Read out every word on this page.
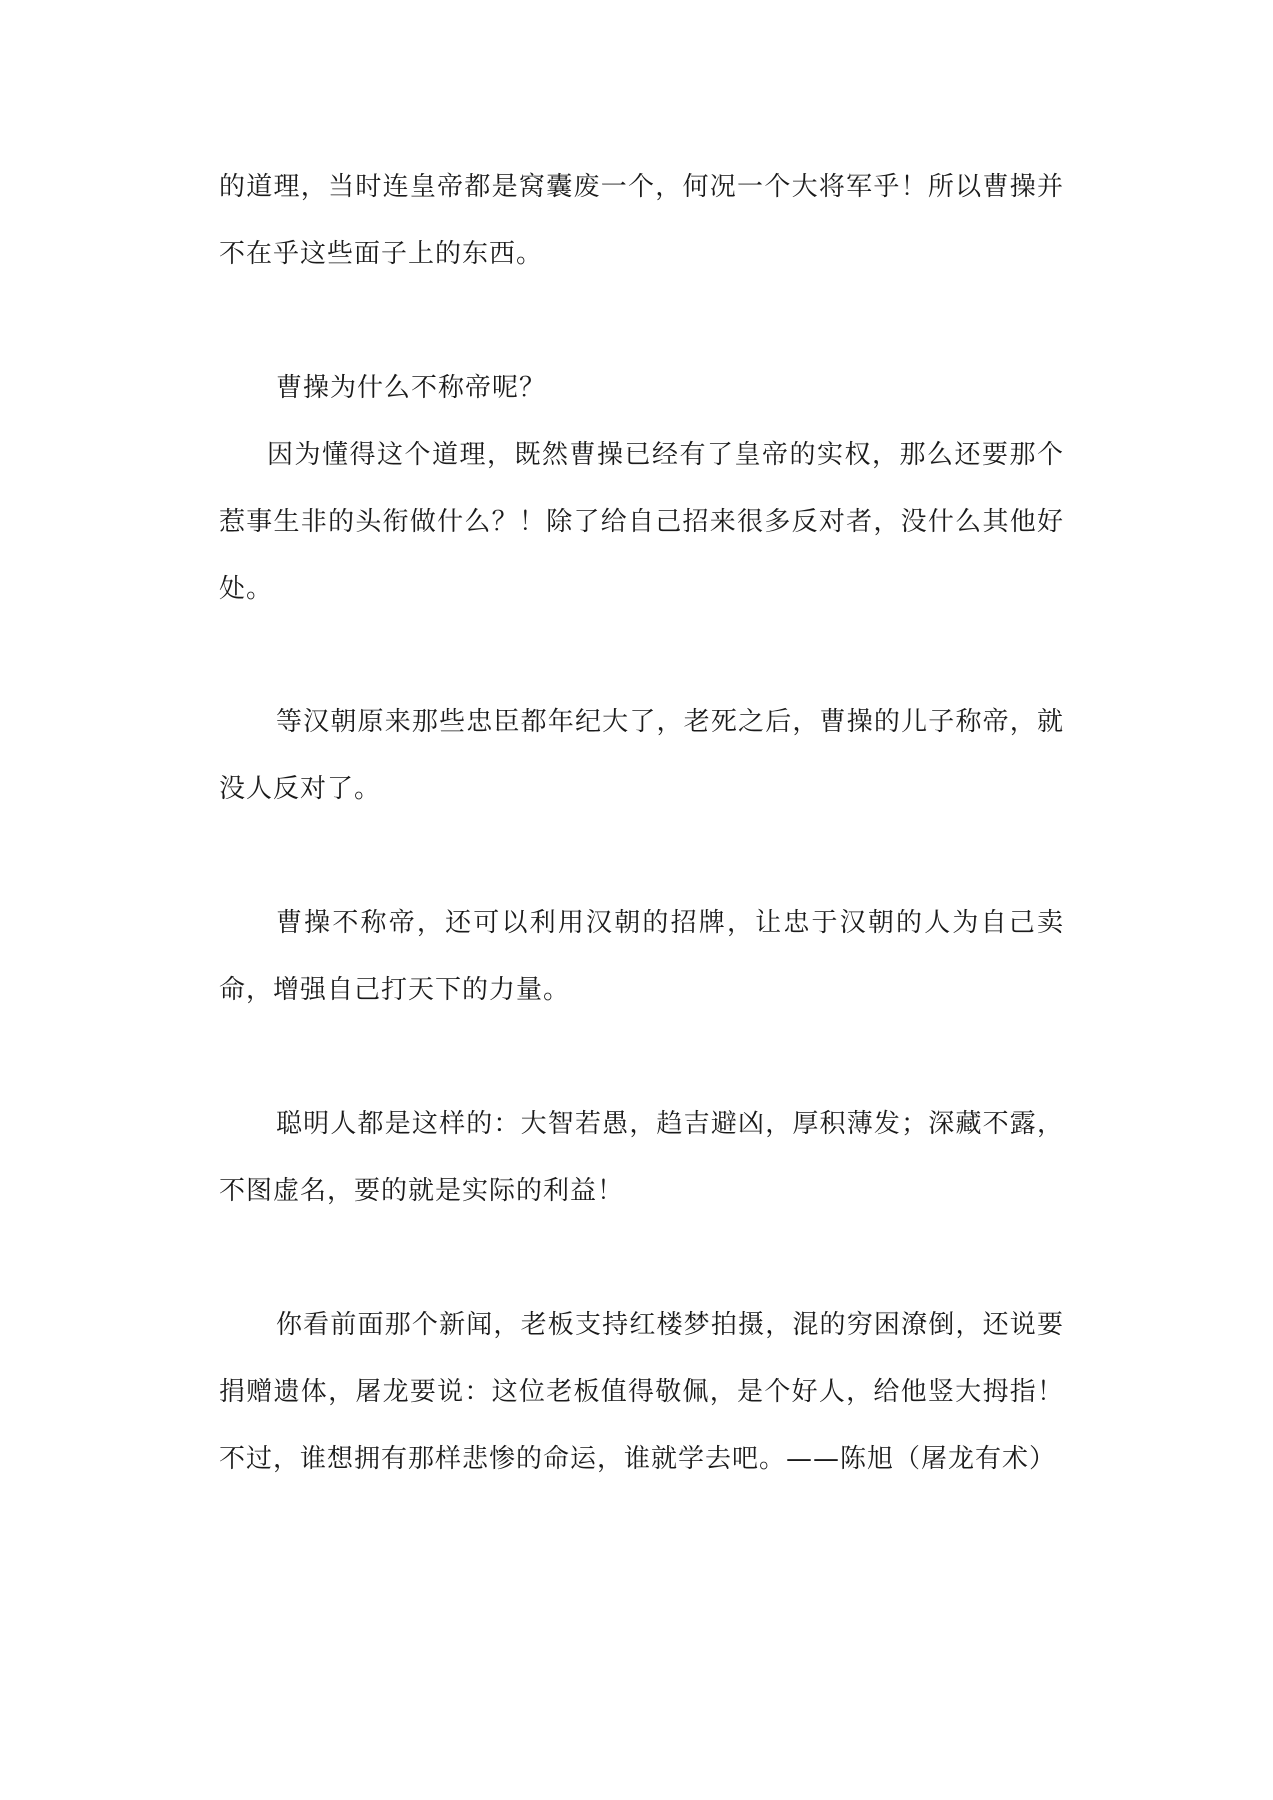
的道理，当时连皇帝都是窝囊废一个，何况一个大将军乎！所以曹操并不在乎这些面子上的东西。

曹操为什么不称帝呢？

因为懂得这个道理，既然曹操已经有了皇帝的实权，那么还要那个惹事生非的头衔做什么？！除了给自己招来很多反对者，没什么其他好处。

等汉朝原来那些忠臣都年纪大了，老死之后，曹操的儿子称帝，就没人反对了。

曹操不称帝，还可以利用汉朝的招牌，让忠于汉朝的人为自己卖命，增强自己打天下的力量。

聪明人都是这样的：大智若愚，趋吉避凶，厚积薄发；深藏不露，不图虚名，要的就是实际的利益！

你看前面那个新闻，老板支持红楼梦拍摄，混的穷困潦倒，还说要捐赠遗体，屠龙要说：这位老板值得敬佩，是个好人，给他竖大拇指！不过，谁想拥有那样悲惨的命运，谁就学去吧。——陈旭（屠龙有术）
